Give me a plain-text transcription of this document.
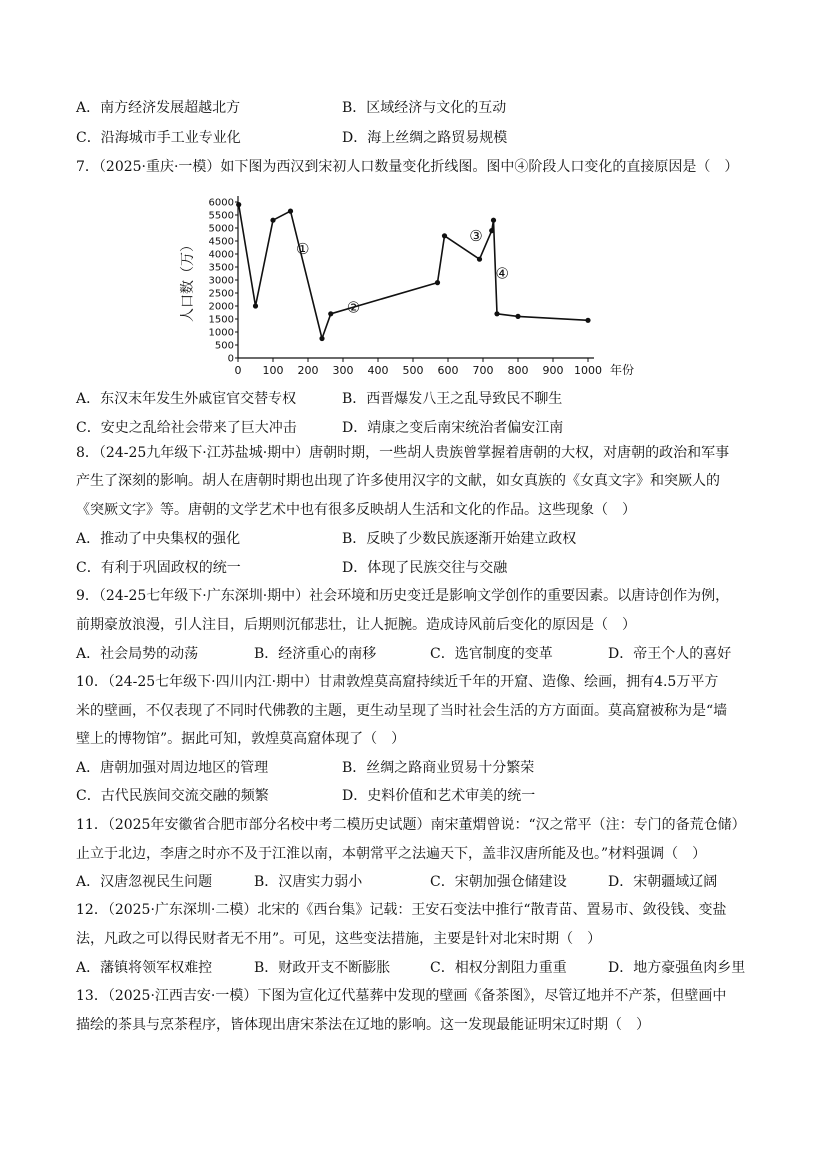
A．南方经济发展超越北方	B．区域经济与文化的互动
C．沿海城市手工业专业化	D．海上丝绸之路贸易规模
7．（2025·重庆·一模）如下图为西汉到宋初人口数量变化折线图。图中④阶段人口变化的直接原因是（　）
0 100 200 300 400 500 600 700 800 900 1000
0
500
1000
1500
2000
2500
3000
3500
4000
4500
5000
5500
6000
年份
人口数（万）	①
②
③
④
A．东汉末年发生外戚宦官交替专权	B．西晋爆发八王之乱导致民不聊生
C．安史之乱给社会带来了巨大冲击	D．靖康之变后南宋统治者偏安江南
8．（24-25九年级下·江苏盐城·期中）唐朝时期，一些胡人贵族曾掌握着唐朝的大权，对唐朝的政治和军事
产生了深刻的影响。胡人在唐朝时期也出现了许多使用汉字的文献，如女真族的《女真文字》和突厥人的
《突厥文字》等。唐朝的文学艺术中也有很多反映胡人生活和文化的作品。这些现象（　）
A．推动了中央集权的强化	B．反映了少数民族逐渐开始建立政权
C．有利于巩固政权的统一	D．体现了民族交往与交融
9．（24-25七年级下·广东深圳·期中）社会环境和历史变迁是影响文学创作的重要因素。以唐诗创作为例，
前期豪放浪漫，引人注目，后期则沉郁悲壮，让人扼腕。造成诗风前后变化的原因是（　）
A．社会局势的动荡	B．经济重心的南移	C．选官制度的变革	D．帝王个人的喜好
10．（24-25七年级下·四川内江·期中）甘肃敦煌莫高窟持续近千年的开窟、造像、绘画，拥有4.5万平方
米的壁画，不仅表现了不同时代佛教的主题，更生动呈现了当时社会生活的方方面面。莫高窟被称为是“墙
壁上的博物馆”。据此可知，敦煌莫高窟体现了（　）
A．唐朝加强对周边地区的管理	B．丝绸之路商业贸易十分繁荣
C．古代民族间交流交融的频繁	D．史料价值和艺术审美的统一
11．（2025年安徽省合肥市部分名校中考二模历史试题）南宋董煟曾说：“汉之常平（注：专门的备荒仓储）
止立于北边，李唐之时亦不及于江淮以南，本朝常平之法遍天下，盖非汉唐所能及也。”材料强调（　）
A．汉唐忽视民生问题	B．汉唐实力弱小	C．宋朝加强仓储建设	D．宋朝疆域辽阔
12．（2025·广东深圳·二模）北宋的《西台集》记载：王安石变法中推行“散青苗、置易市、敛役钱、变盐
法，凡政之可以得民财者无不用”。可见，这些变法措施，主要是针对北宋时期（　）
A．藩镇将领军权难控	B．财政开支不断膨胀	C．相权分割阻力重重	D．地方豪强鱼肉乡里
13．（2025·江西吉安·一模）下图为宣化辽代墓葬中发现的壁画《备茶图》，尽管辽地并不产茶，但壁画中
描绘的茶具与烹茶程序，皆体现出唐宋茶法在辽地的影响。这一发现最能证明宋辽时期（　）
